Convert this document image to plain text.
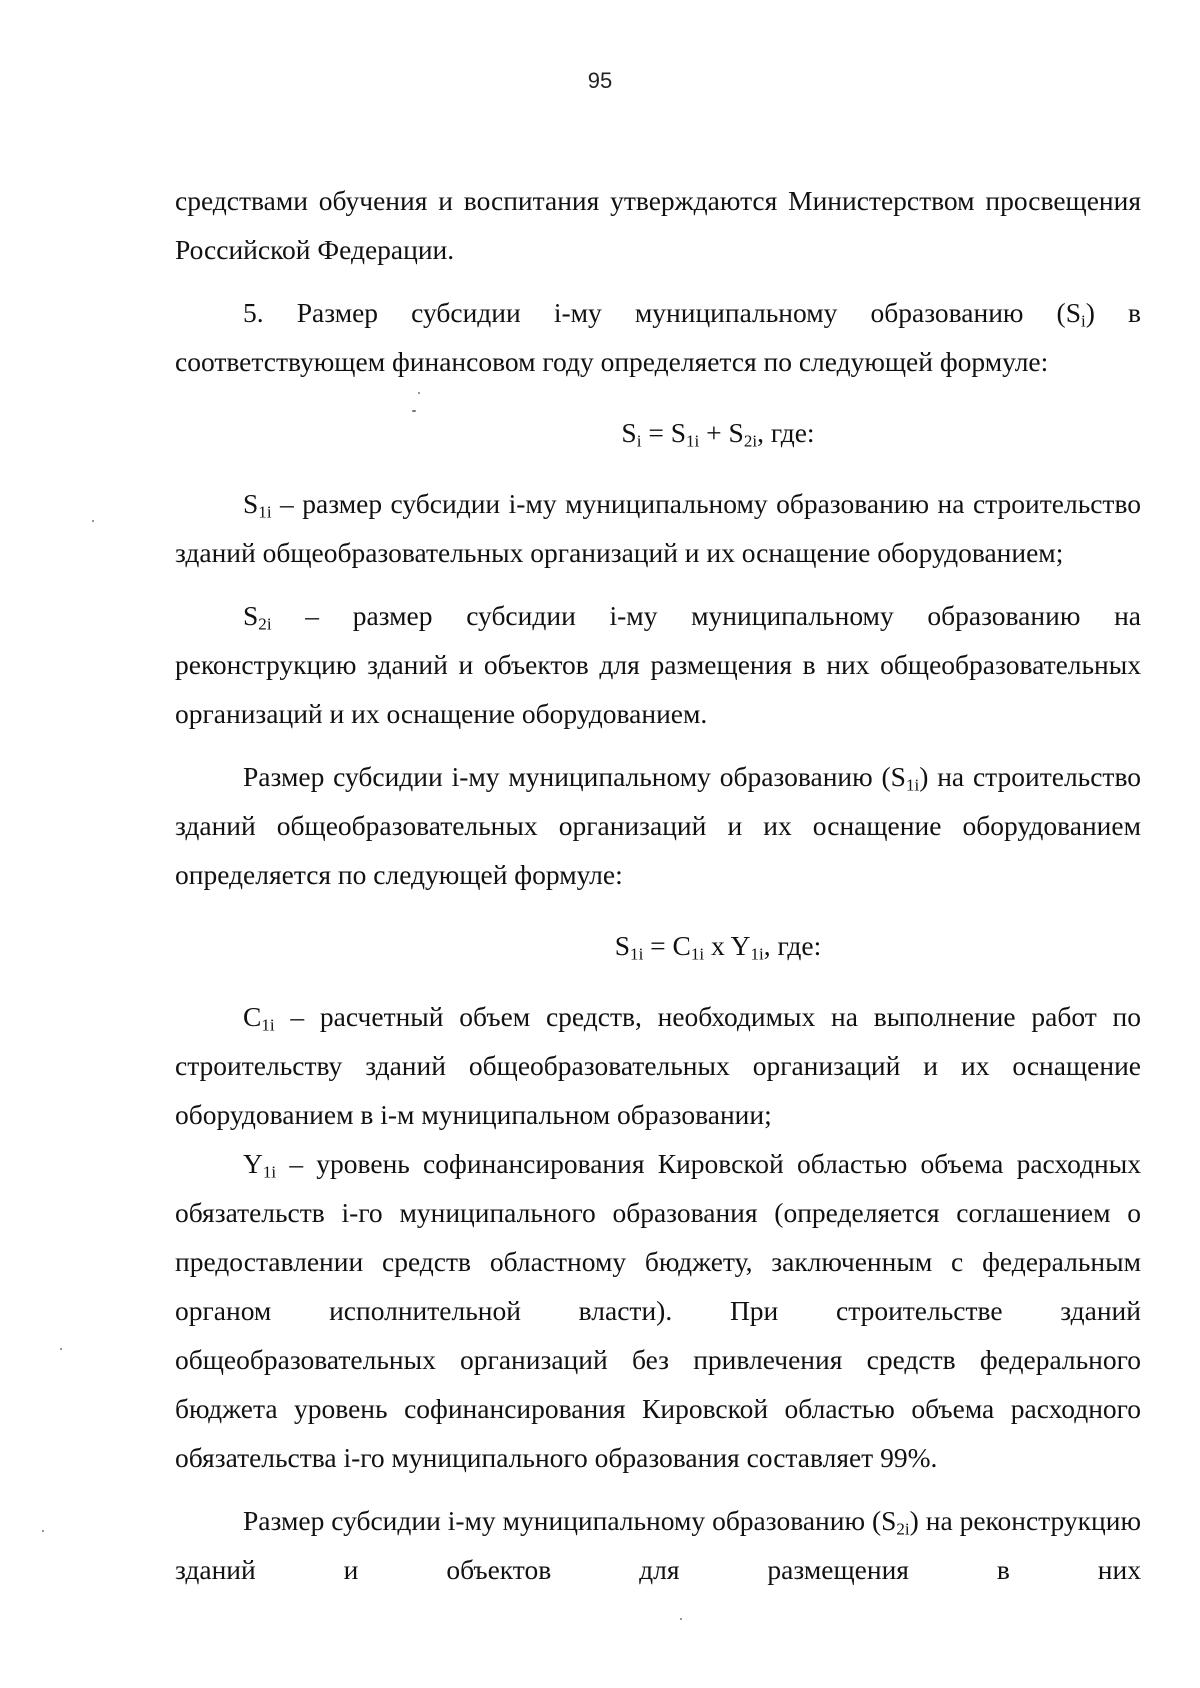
95

средствами обучения и воспитания утверждаются Министерством просвещения Российской Федерации.

5. Размер субсидии i-му муниципальному образованию $(S_i)$ в соответствующем финансовом году определяется по следующей формуле:

$S_i = S_{1i} + S_{2i}$, где:

$S_{1i}$ – размер субсидии i-му муниципальному образованию на строительство зданий общеобразовательных организаций и их оснащение оборудованием;

$S_{2i}$ – размер субсидии i-му муниципальному образованию на реконструкцию зданий и объектов для размещения в них общеобразовательных организаций и их оснащение оборудованием.

Размер субсидии i-му муниципальному образованию $(S_{1i})$ на строительство зданий общеобразовательных организаций и их оснащение оборудованием определяется по следующей формуле:

$S_{1i} = C_{1i}$ x $Y_{1i}$, где:

$C_{1i}$ – расчетный объем средств, необходимых на выполнение работ по строительству зданий общеобразовательных организаций и их оснащение оборудованием в i-м муниципальном образовании;

$Y_{1i}$ – уровень софинансирования Кировской областью объема расходных обязательств i-го муниципального образования (определяется соглашением о предоставлении средств областному бюджету, заключенным с федеральным органом исполнительной власти). При строительстве зданий общеобразовательных организаций без привлечения средств федерального бюджета уровень софинансирования Кировской областью объема расходного обязательства i-го муниципального образования составляет 99%.

Размер субсидии i-му муниципальному образованию $(S_{2i})$ на реконструкцию зданий и объектов для размещения в них
